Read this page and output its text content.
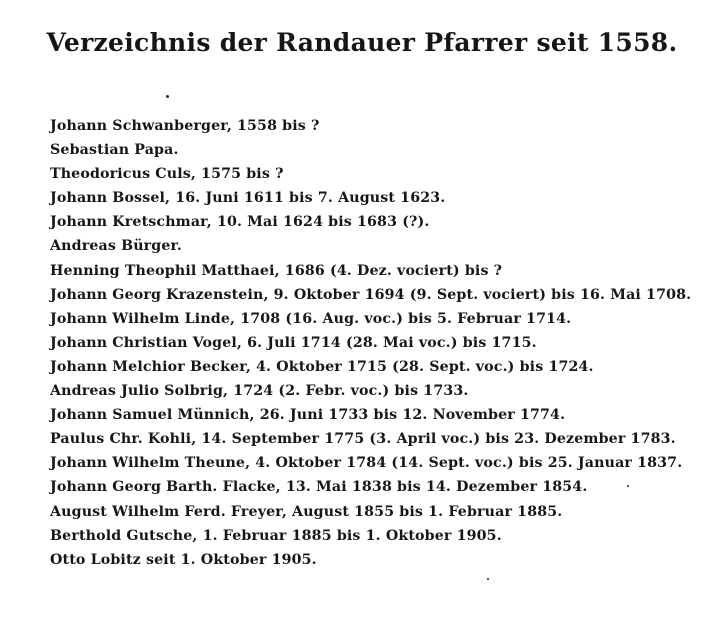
Verzeichnis der Randauer Pfarrer seit 1558.
Johann Schwanberger, 1558 bis ?
Sebastian Papa.
Theodoricus Culs, 1575 bis ?
Johann Bossel, 16. Juni 1611 bis 7. August 1623.
Johann Kretschmar, 10. Mai 1624 bis 1683 (?).
Andreas Bürger.
Henning Theophil Matthaei, 1686 (4. Dez. vociert) bis ?
Johann Georg Krazenstein, 9. Oktober 1694 (9. Sept. vociert) bis 16. Mai 1708.
Johann Wilhelm Linde, 1708 (16. Aug. voc.) bis 5. Februar 1714.
Johann Christian Vogel, 6. Juli 1714 (28. Mai voc.) bis 1715.
Johann Melchior Becker, 4. Oktober 1715 (28. Sept. voc.) bis 1724.
Andreas Julio Solbrig, 1724 (2. Febr. voc.) bis 1733.
Johann Samuel Münnich, 26. Juni 1733 bis 12. November 1774.
Paulus Chr. Kohli, 14. September 1775 (3. April voc.) bis 23. Dezember 1783.
Johann Wilhelm Theune, 4. Oktober 1784 (14. Sept. voc.) bis 25. Januar 1837.
Johann Georg Barth. Flacke, 13. Mai 1838 bis 14. Dezember 1854.
August Wilhelm Ferd. Freyer, August 1855 bis 1. Februar 1885.
Berthold Gutsche, 1. Februar 1885 bis 1. Oktober 1905.
Otto Lobitz seit 1. Oktober 1905.
